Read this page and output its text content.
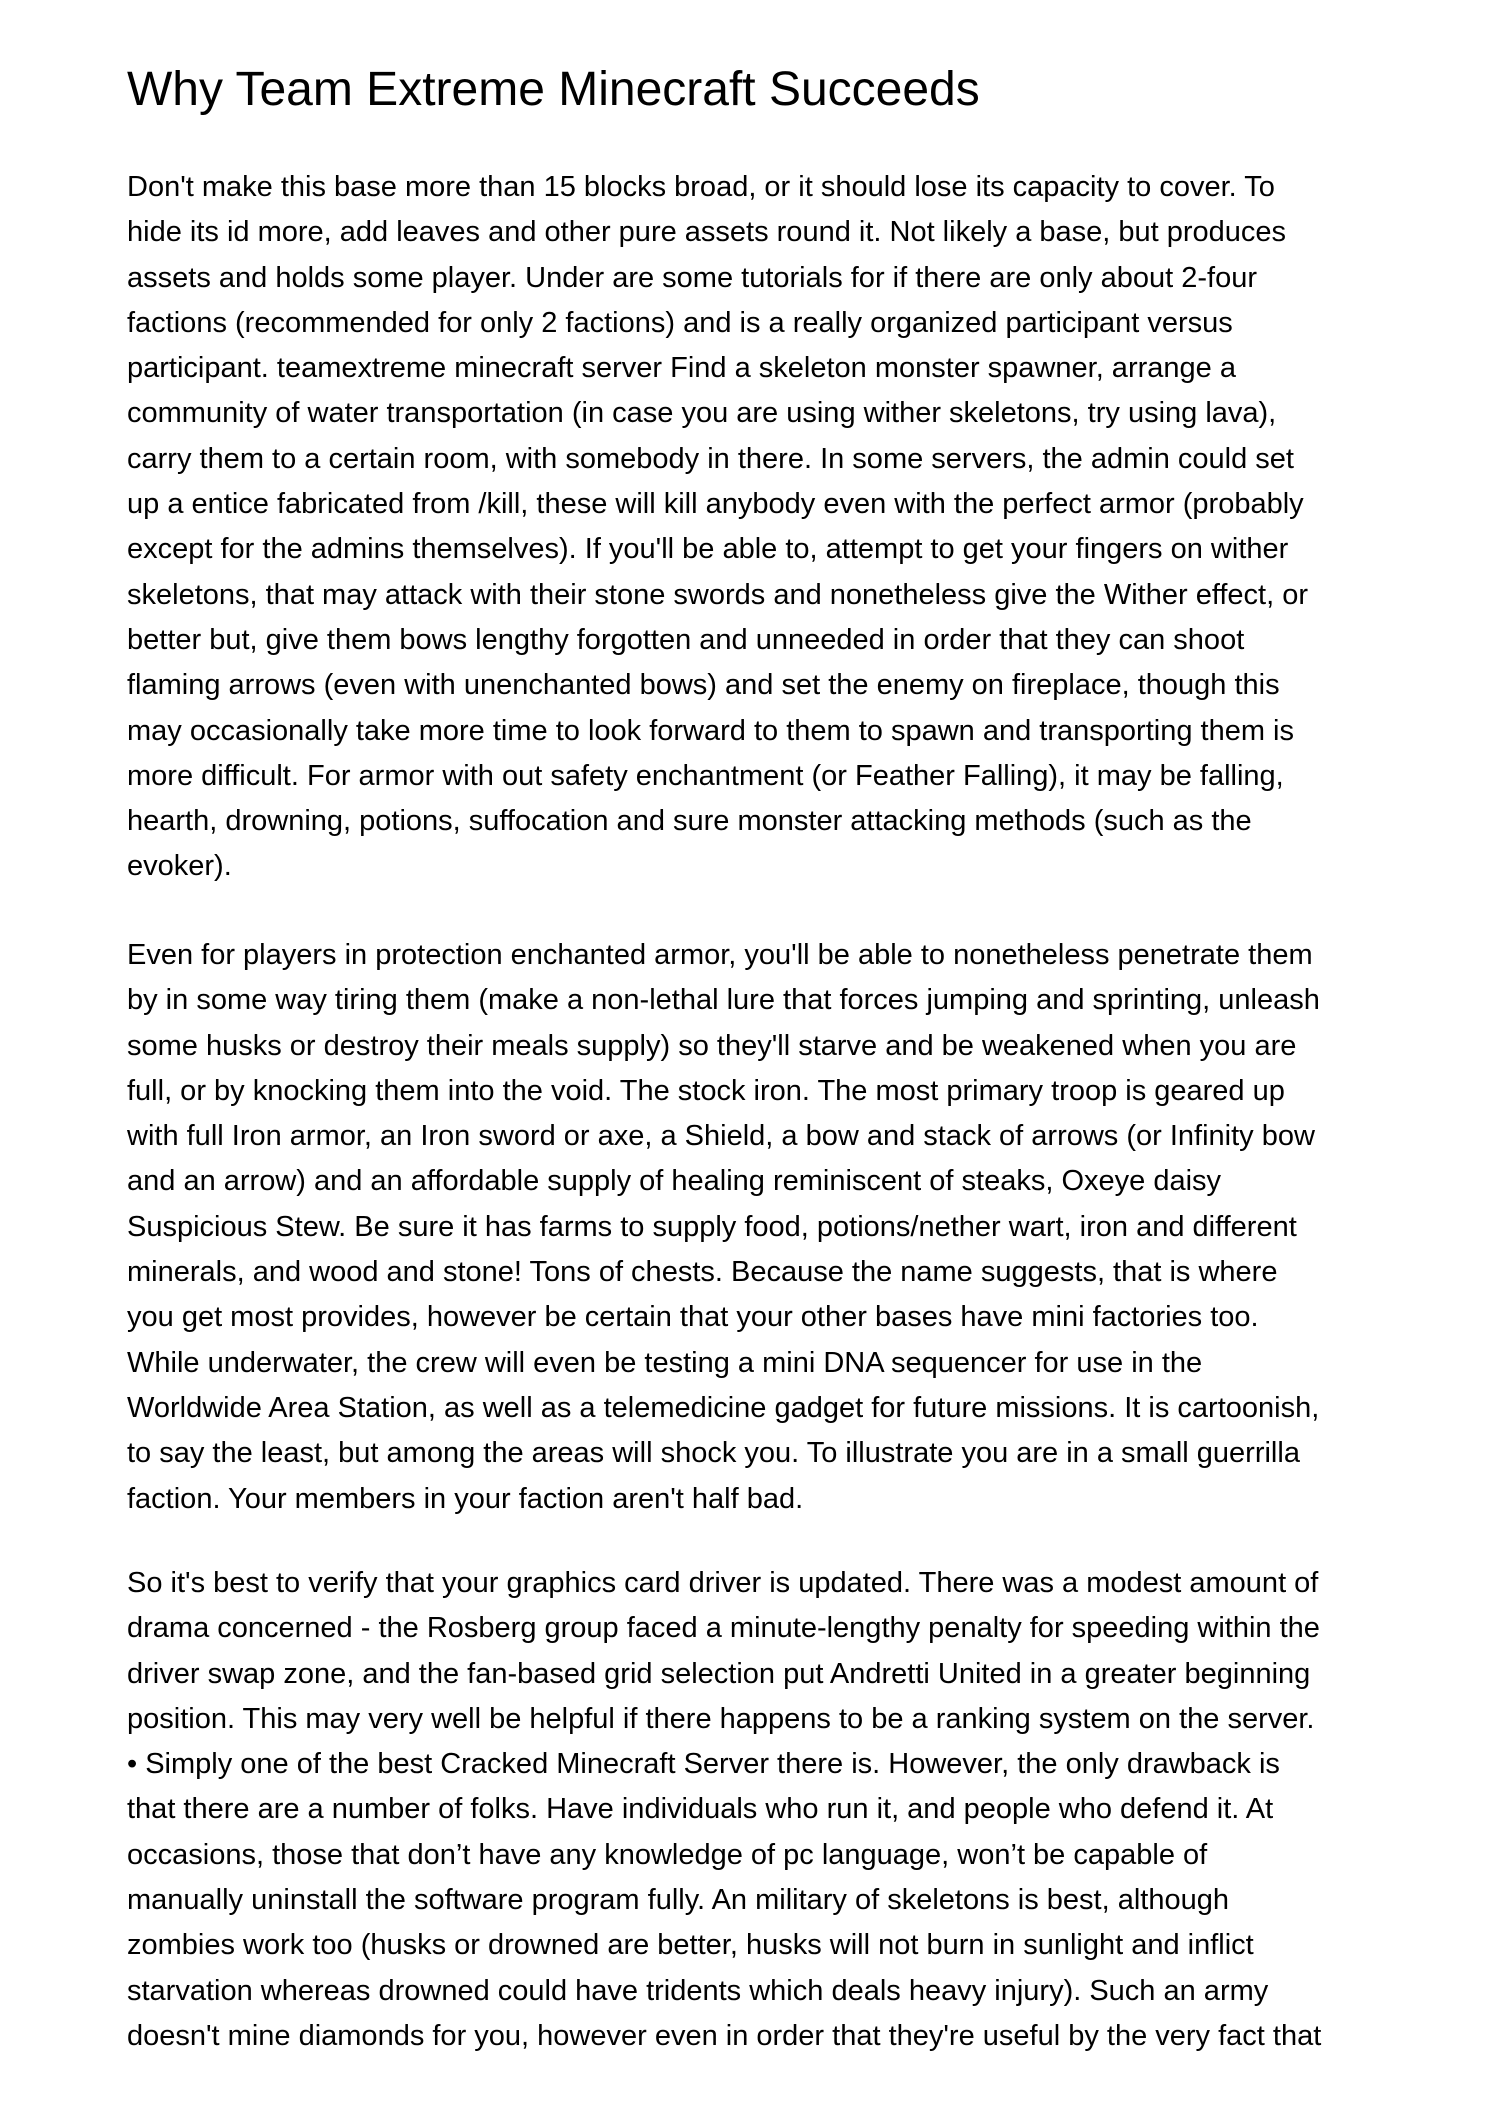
Why Team Extreme Minecraft Succeeds

Don't make this base more than 15 blocks broad, or it should lose its capacity to cover. To
hide its id more, add leaves and other pure assets round it. Not likely a base, but produces
assets and holds some player. Under are some tutorials for if there are only about 2-four
factions (recommended for only 2 factions) and is a really organized participant versus
participant. teamextreme minecraft server Find a skeleton monster spawner, arrange a
community of water transportation (in case you are using wither skeletons, try using lava),
carry them to a certain room, with somebody in there. In some servers, the admin could set
up a entice fabricated from /kill, these will kill anybody even with the perfect armor (probably
except for the admins themselves). If you'll be able to, attempt to get your fingers on wither
skeletons, that may attack with their stone swords and nonetheless give the Wither effect, or
better but, give them bows lengthy forgotten and unneeded in order that they can shoot
flaming arrows (even with unenchanted bows) and set the enemy on fireplace, though this
may occasionally take more time to look forward to them to spawn and transporting them is
more difficult. For armor with out safety enchantment (or Feather Falling), it may be falling,
hearth, drowning, potions, suffocation and sure monster attacking methods (such as the
evoker).

Even for players in protection enchanted armor, you'll be able to nonetheless penetrate them
by in some way tiring them (make a non-lethal lure that forces jumping and sprinting, unleash
some husks or destroy their meals supply) so they'll starve and be weakened when you are
full, or by knocking them into the void. The stock iron. The most primary troop is geared up
with full Iron armor, an Iron sword or axe, a Shield, a bow and stack of arrows (or Infinity bow
and an arrow) and an affordable supply of healing reminiscent of steaks, Oxeye daisy
Suspicious Stew. Be sure it has farms to supply food, potions/nether wart, iron and different
minerals, and wood and stone! Tons of chests. Because the name suggests, that is where
you get most provides, however be certain that your other bases have mini factories too.
While underwater, the crew will even be testing a mini DNA sequencer for use in the
Worldwide Area Station, as well as a telemedicine gadget for future missions. It is cartoonish,
to say the least, but among the areas will shock you. To illustrate you are in a small guerrilla
faction. Your members in your faction aren't half bad.

So it's best to verify that your graphics card driver is updated. There was a modest amount of
drama concerned - the Rosberg group faced a minute-lengthy penalty for speeding within the
driver swap zone, and the fan-based grid selection put Andretti United in a greater beginning
position. This may very well be helpful if there happens to be a ranking system on the server.
• Simply one of the best Cracked Minecraft Server there is. However, the only drawback is
that there are a number of folks. Have individuals who run it, and people who defend it. At
occasions, those that don’t have any knowledge of pc language, won’t be capable of
manually uninstall the software program fully. An military of skeletons is best, although
zombies work too (husks or drowned are better, husks will not burn in sunlight and inflict
starvation whereas drowned could have tridents which deals heavy injury). Such an army
doesn't mine diamonds for you, however even in order that they're useful by the very fact that
